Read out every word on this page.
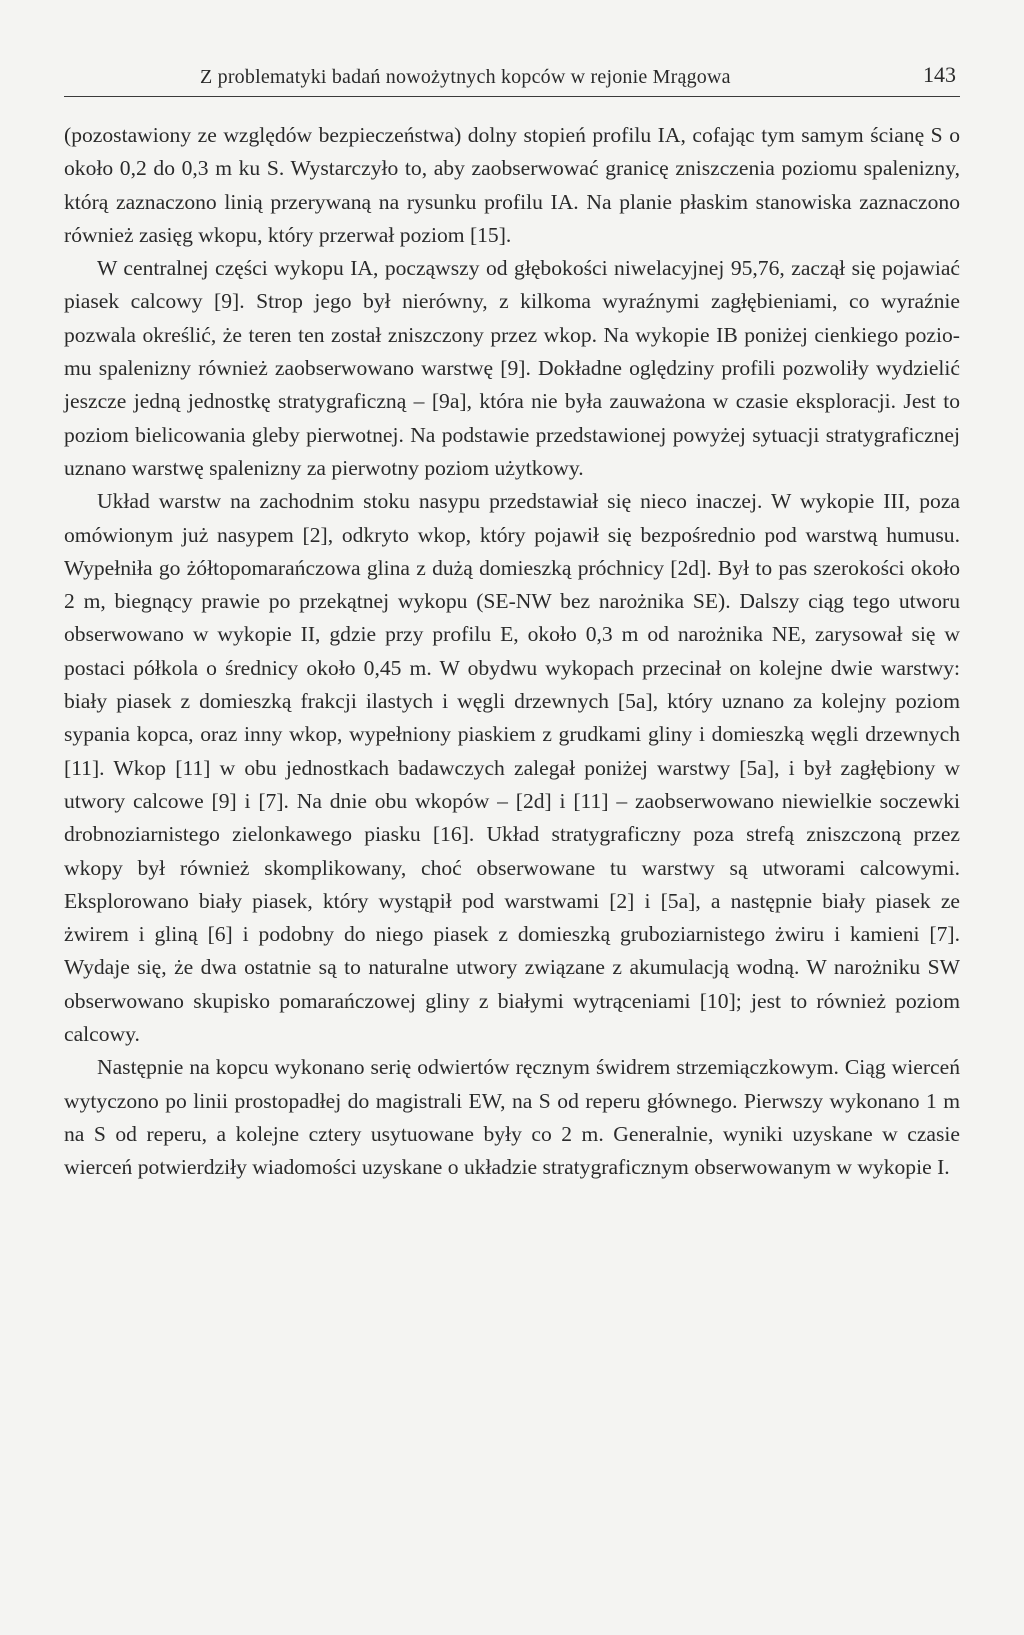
Z problematyki badań nowożytnych kopców w rejonie Mrągowa	143

(pozostawiony ze względów bezpieczeństwa) dolny stopień profilu IA, cofając tym samym ścianę S o około 0,2 do 0,3 m ku S. Wystarczyło to, aby zaobserwować granicę zniszczenia poziomu spalenizny, którą zaznaczono linią przerywaną na rysunku profilu IA. Na planie płaskim stanowiska zaznaczono również zasięg wkopu, który przerwał poziom [15].

W centralnej części wykopu IA, począwszy od głębokości niwelacyjnej 95,76, zaczął się pojawiać piasek calcowy [9]. Strop jego był nierówny, z kilkoma wyraźnymi zagłębieniami, co wyraźnie pozwala określić, że teren ten został zniszczony przez wkop. Na wykopie IB poniżej cienkiego poziomu spalenizny również zaobserwowano warstwę [9]. Dokładne oględziny profili pozwoliły wydzielić jeszcze jedną jednostkę stratygraficzną – [9a], która nie była zauważona w czasie eksploracji. Jest to poziom bielicowania gleby pierwotnej. Na podstawie przedstawionej powyżej sytuacji stratygraficznej uznano warstwę spalenizny za pierwotny poziom użytkowy.

Układ warstw na zachodnim stoku nasypu przedstawiał się nieco inaczej. W wykopie III, poza omówionym już nasypem [2], odkryto wkop, który pojawił się bezpośrednio pod warstwą humusu. Wypełniła go żółtopomarańczowa glina z dużą domieszką próchnicy [2d]. Był to pas szerokości około 2 m, biegnący prawie po przekątnej wykopu (SE-NW bez narożnika SE). Dalszy ciąg tego utworu obserwowano w wykopie II, gdzie przy profilu E, około 0,3 m od narożnika NE, zarysował się w postaci półkola o średnicy około 0,45 m. W obydwu wykopach przecinał on kolejne dwie warstwy: biały piasek z domieszką frakcji ilastych i węgli drzewnych [5a], który uznano za kolejny poziom sypania kopca, oraz inny wkop, wypełniony piaskiem z grudkami gliny i domieszką węgli drzewnych [11]. Wkop [11] w obu jednostkach badawczych zalegał poniżej warstwy [5a], i był zagłębiony w utwory calcowe [9] i [7]. Na dnie obu wkopów – [2d] i [11] – zaobserwowano niewielkie soczewki drobnoziarnistego zielonkawego piasku [16]. Układ stratygraficzny poza strefą zniszczoną przez wkopy był również skomplikowany, choć obserwowane tu warstwy są utworami calcowymi. Eksplorowano biały piasek, który wystąpił pod warstwami [2] i [5a], a następnie biały piasek ze żwirem i gliną [6] i podobny do niego piasek z domieszką gruboziarnistego żwiru i kamieni [7]. Wydaje się, że dwa ostatnie są to naturalne utwory związane z akumulacją wodną. W narożniku SW obserwowano skupisko pomarańczowej gliny z białymi wytrąceniami [10]; jest to również poziom calcowy.

Następnie na kopcu wykonano serię odwiertów ręcznym świdrem strzemiączkowym. Ciąg wierceń wytyczono po linii prostopadłej do magistrali EW, na S od reperu głównego. Pierwszy wykonano 1 m na S od reperu, a kolejne cztery usytuowane były co 2 m. Generalnie, wyniki uzyskane w czasie wierceń potwierdziły wiadomości uzyskane o układzie stratygraficznym obserwowanym w wykopie I.
